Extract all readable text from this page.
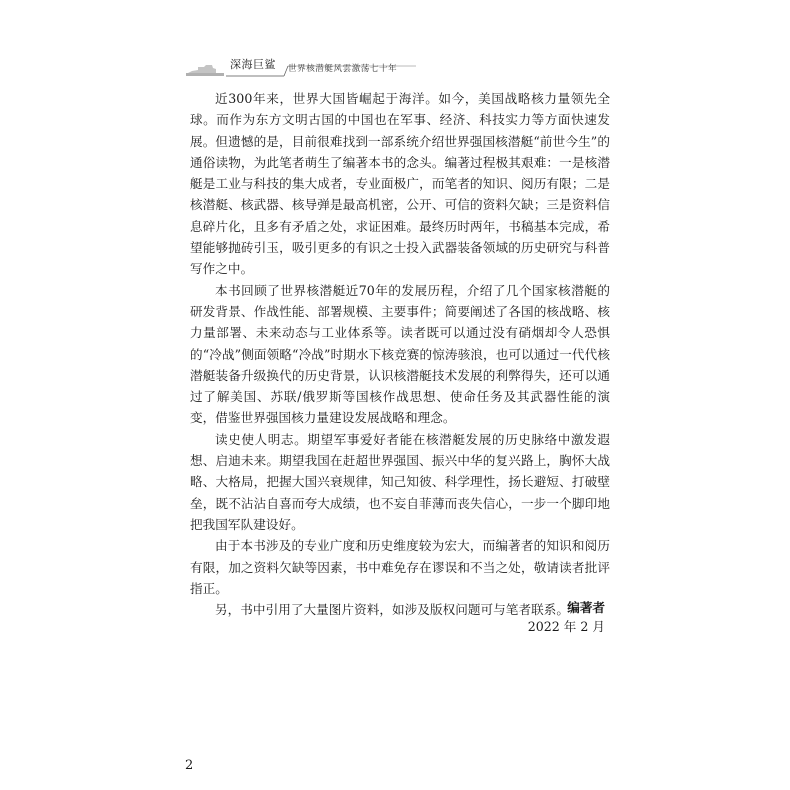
深海巨鲨 世界核潜艇风雲激荡七十年

近300年来，世界大国皆崛起于海洋。如今，美国战略核力量领先全球。而作为东方文明古国的中国也在军事、经济、科技实力等方面快速发展。但遗憾的是，目前很难找到一部系统介绍世界强国核潜艇“前世今生”的通俗读物，为此笔者萌生了编著本书的念头。编著过程极其艰难：一是核潜艇是工业与科技的集大成者，专业面极广，而笔者的知识、阅历有限；二是核潜艇、核武器、核导弹是最高机密，公开、可信的资料欠缺；三是资料信息碎片化，且多有矛盾之处，求证困难。最终历时两年，书稿基本完成，希望能够抛砖引玉，吸引更多的有识之士投入武器装备领域的历史研究与科普写作之中。

本书回顾了世界核潜艇近70年的发展历程，介绍了几个国家核潜艇的研发背景、作战性能、部署规模、主要事件；简要阐述了各国的核战略、核力量部署、未来动态与工业体系等。读者既可以通过没有硝烟却令人恐惧的“冷战”侧面领略“冷战”时期水下核竞赛的惊涛骇浪，也可以通过一代代核潜艇装备升级换代的历史背景，认识核潜艇技术发展的利弊得失，还可以通过了解美国、苏联/俄罗斯等国核作战思想、使命任务及其武器性能的演变，借鉴世界强国核力量建设发展战略和理念。

读史使人明志。期望军事爱好者能在核潜艇发展的历史脉络中激发遐想、启迪未来。期望我国在赶超世界强国、振兴中华的复兴路上，胸怀大战略、大格局，把握大国兴衰规律，知己知彼、科学理性，扬长避短、打破壁垒，既不沾沾自喜而夸大成绩，也不妄自菲薄而丧失信心，一步一个脚印地把我国军队建设好。

由于本书涉及的专业广度和历史维度较为宏大，而编著者的知识和阅历有限，加之资料欠缺等因素，书中难免存在谬误和不当之处，敬请读者批评指正。

另，书中引用了大量图片资料，如涉及版权问题可与笔者联系。

编著者
2022 年 2 月
2
